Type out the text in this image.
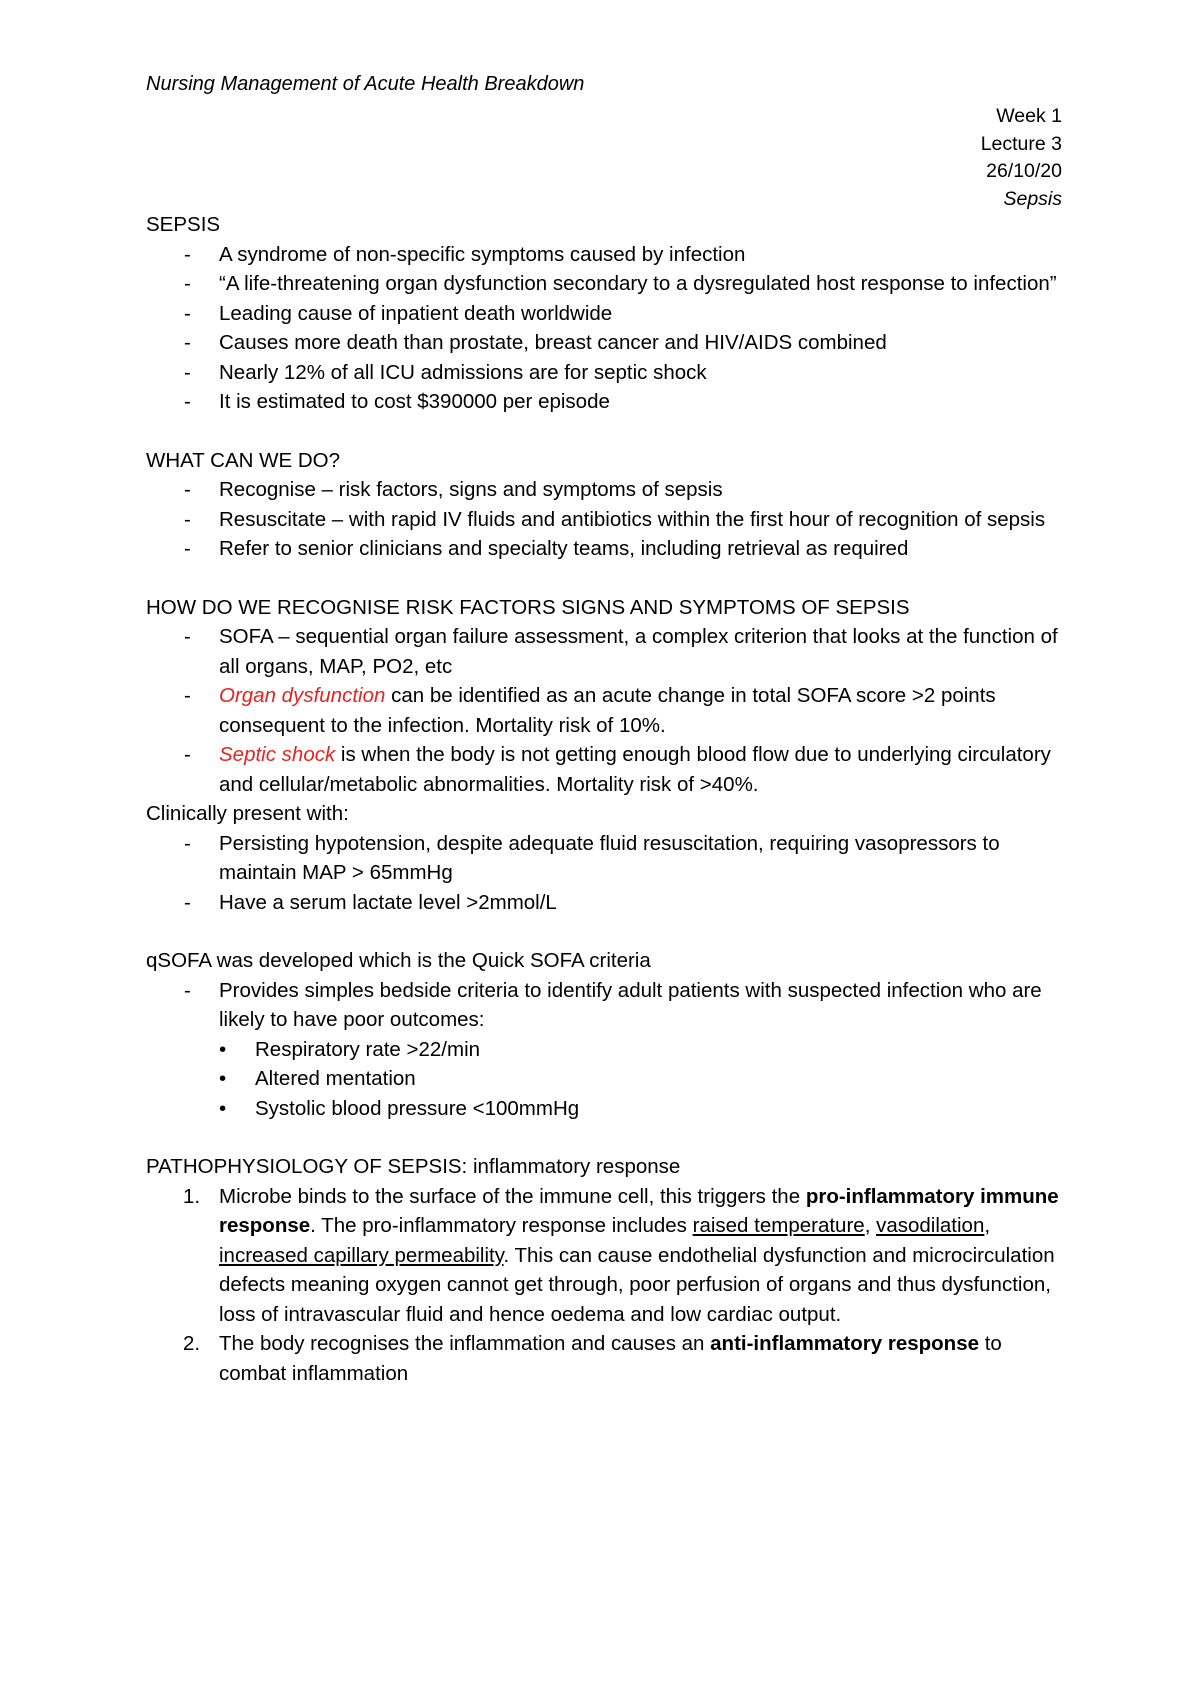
Nursing Management of Acute Health Breakdown
Week 1
Lecture 3
26/10/20
Sepsis
SEPSIS
- A syndrome of non-specific symptoms caused by infection
- “A life-threatening organ dysfunction secondary to a dysregulated host response to infection”
- Leading cause of inpatient death worldwide
- Causes more death than prostate, breast cancer and HIV/AIDS combined
- Nearly 12% of all ICU admissions are for septic shock
- It is estimated to cost $390000 per episode
WHAT CAN WE DO?
- Recognise – risk factors, signs and symptoms of sepsis
- Resuscitate – with rapid IV fluids and antibiotics within the first hour of recognition of sepsis
- Refer to senior clinicians and specialty teams, including retrieval as required
HOW DO WE RECOGNISE RISK FACTORS SIGNS AND SYMPTOMS OF SEPSIS
- SOFA – sequential organ failure assessment, a complex criterion that looks at the function of all organs, MAP, PO2, etc
- Organ dysfunction can be identified as an acute change in total SOFA score >2 points consequent to the infection. Mortality risk of 10%.
- Septic shock is when the body is not getting enough blood flow due to underlying circulatory and cellular/metabolic abnormalities. Mortality risk of >40%.
Clinically present with:
- Persisting hypotension, despite adequate fluid resuscitation, requiring vasopressors to maintain MAP > 65mmHg
- Have a serum lactate level >2mmol/L
qSOFA was developed which is the Quick SOFA criteria
- Provides simples bedside criteria to identify adult patients with suspected infection who are likely to have poor outcomes:
• Respiratory rate >22/min
• Altered mentation
• Systolic blood pressure <100mmHg
PATHOPHYSIOLOGY OF SEPSIS: inflammatory response
1. Microbe binds to the surface of the immune cell, this triggers the pro-inflammatory immune response. The pro-inflammatory response includes raised temperature, vasodilation, increased capillary permeability. This can cause endothelial dysfunction and microcirculation defects meaning oxygen cannot get through, poor perfusion of organs and thus dysfunction, loss of intravascular fluid and hence oedema and low cardiac output.
2. The body recognises the inflammation and causes an anti-inflammatory response to combat inflammation
